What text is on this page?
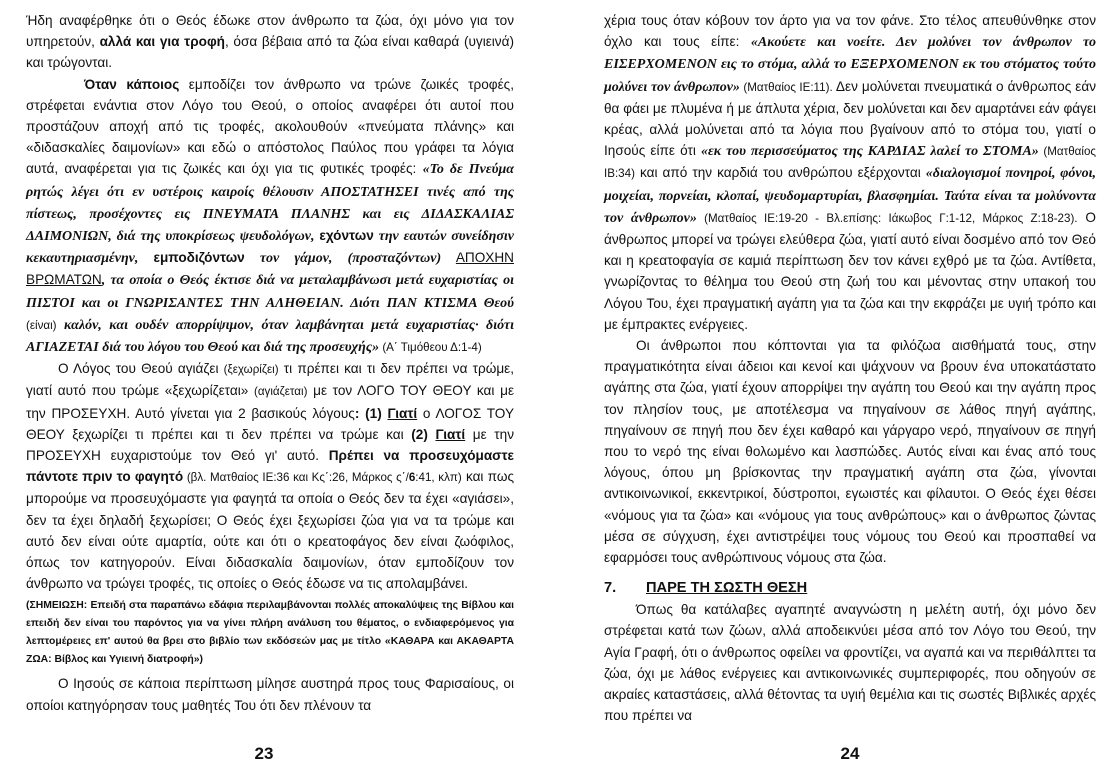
Ήδη αναφέρθηκε ότι ο Θεός έδωκε στον άνθρωπο τα ζώα, όχι μόνο για τον υπηρετούν, αλλά και για τροφή, όσα βέβαια από τα ζώα είναι καθαρά (υγιεινά) και τρώγονται.

Όταν κάποιος εμποδίζει τον άνθρωπο να τρώνε ζωικές τροφές, στρέφεται ενάντια στον Λόγο του Θεού, ο οποίος αναφέρει ότι αυτοί που προστάζουν αποχή από τις τροφές, ακολουθούν «πνεύματα πλάνης» και «διδασκαλίες δαιμονίων» και εδώ ο απόστολος Παύλος που γράφει τα λόγια αυτά, αναφέρεται για τις ζωικές και όχι για τις φυτικές τροφές: «Το δε Πνεύμα ρητώς λέγει ότι εν υστέροις καιροίς θέλουσιν ΑΠΟΣΤΑΤΗΣΕΙ τινές από της πίστεως, προσέχοντες εις ΠΝΕΥΜΑΤΑ ΠΛΑΝΗΣ και εις ΔΙΔΑΣΚΑΛΙΑΣ ΔΑΙΜΟΝΙΩΝ, διά της υποκρίσεως ψευδολόγων, εχόντων την εαυτών συνείδησιν κεκαυτηριασμένην, εμποδιζόντων τον γάμον, (προσταζόντων) ΑΠΟΧΗΝ ΒΡΩΜΑΤΩΝ, τα οποία ο Θεός έκτισε διά να μεταλαμβάνωσι μετά ευχαριστίας οι ΠΙΣΤΟΙ και οι ΓΝΩΡΙΣΑΝΤΕΣ ΤΗΝ ΑΛΗΘΕΙΑΝ. Διότι ΠΑΝ ΚΤΙΣΜΑ Θεού (είναι) καλόν, και ουδέν απορρίψιμον, όταν λαμβάνηται μετά ευχαριστίας· διότι ΑΓΙΑΖΕΤΑΙ διά του λόγου του Θεού και διά της προσευχής» (Α΄ Τιμόθεου Δ:1-4)

Ο Λόγος του Θεού αγιάζει (ξεχωρίζει) τι πρέπει και τι δεν πρέπει να τρώμε, γιατί αυτό που τρώμε «ξεχωρίζεται» (αγιάζεται) με τον ΛΟΓΟ ΤΟΥ ΘΕΟΥ και με την ΠΡΟΣΕΥΧΗ. Αυτό γίνεται για 2 βασικούς λόγους: (1) Γιατί ο ΛΟΓΟΣ ΤΟΥ ΘΕΟΥ ξεχωρίζει τι πρέπει και τι δεν πρέπει να τρώμε και (2) Γιατί με την ΠΡΟΣΕΥΧΗ ευχαριστούμε τον Θεό γι' αυτό. Πρέπει να προσευχόμαστε πάντοτε πριν το φαγητό (βλ. Ματθαίος ΙΕ:36 και Κς΄:26, Μάρκος ς΄/6:41, κλπ) και πως μπορούμε να προσευχόμαστε για φαγητά τα οποία ο Θεός δεν τα έχει «αγιάσει», δεν τα έχει δηλαδή ξεχωρίσει; Ο Θεός έχει ξεχωρίσει ζώα για να τα τρώμε και αυτό δεν είναι ούτε αμαρτία, ούτε και ότι ο κρεατοφάγος δεν είναι ζωόφιλος, όπως τον κατηγορούν. Είναι διδασκαλία δαιμονίων, όταν εμποδίζουν τον άνθρωπο να τρώγει τροφές, τις οποίες ο Θεός έδωσε να τις απολαμβάνει.

(ΣΗΜΕΙΩΣΗ: Επειδή στα παραπάνω εδάφια περιλαμβάνονται πολλές αποκαλύψεις της Βίβλου και επειδή δεν είναι του παρόντος για να γίνει πλήρη ανάλυση του θέματος, ο ενδιαφερόμενος για λεπτομέρειες επ' αυτού θα βρει στο βιβλίο των εκδόσεών μας με τίτλο «ΚΑΘΑΡΑ και ΑΚΑΘΑΡΤΑ ΖΩΑ: Βίβλος και Υγιεινή διατροφή»)

Ο Ιησούς σε κάποια περίπτωση μίλησε αυστηρά προς τους Φαρισαίους, οι οποίοι κατηγόρησαν τους μαθητές Του ότι δεν πλένουν τα

23

χέρια τους όταν κόβουν τον άρτο για να τον φάνε. Στο τέλος απευθύνθηκε στον όχλο και τους είπε: «Ακούετε και νοείτε. Δεν μολύνει τον άνθρωπον το ΕΙΣΕΡΧΟΜΕΝΟΝ εις το στόμα, αλλά το ΕΞΕΡΧΟΜΕΝΟΝ εκ του στόματος τούτο μολύνει τον άνθρωπον» (Ματθαίος ΙΕ:11). Δεν μολύνεται πνευματικά ο άνθρωπος εάν θα φάει με πλυμένα ή με άπλυτα χέρια, δεν μολύνεται και δεν αμαρτάνει εάν φάγει κρέας, αλλά μολύνεται από τα λόγια που βγαίνουν από το στόμα του, γιατί ο Ιησούς είπε ότι «εκ του περισσεύματος της ΚΑΡΔΙΑΣ λαλεί το ΣΤΟΜΑ» (Ματθαίος ΙΒ:34) και από την καρδιά του ανθρώπου εξέρχονται «διαλογισμοί πονηροί, φόνοι, μοιχείαι, πορνείαι, κλοπαί, ψευδομαρτυρίαι, βλασφημίαι. Ταύτα είναι τα μολύνοντα τον άνθρωπον» (Ματθαίος ΙΕ:19-20 - Βλ.επίσης: Ιάκωβος Γ:1-12, Μάρκος Ζ:18-23). Ο άνθρωπος μπορεί να τρώγει ελεύθερα ζώα, γιατί αυτό είναι δοσμένο από τον Θεό και η κρεατοφαγία σε καμιά περίπτωση δεν τον κάνει εχθρό με τα ζώα. Αντίθετα, γνωρίζοντας το θέλημα του Θεού στη ζωή του και μένοντας στην υπακοή του Λόγου Του, έχει πραγματική αγάπη για τα ζώα και την εκφράζει με υγιή τρόπο και με έμπρακτες ενέργειες.

Οι άνθρωποι που κόπτονται για τα φιλόζωα αισθήματά τους, στην πραγματικότητα είναι άδειοι και κενοί και ψάχνουν να βρουν ένα υποκατάστατο αγάπης στα ζώα, γιατί έχουν απορρίψει την αγάπη του Θεού και την αγάπη προς τον πλησίον τους, με αποτέλεσμα να πηγαίνουν σε λάθος πηγή αγάπης, πηγαίνουν σε πηγή που δεν έχει καθαρό και γάργαρο νερό, πηγαίνουν σε πηγή που το νερό της είναι θολωμένο και λασπώδες. Αυτός είναι και ένας από τους λόγους, όπου μη βρίσκοντας την πραγματική αγάπη στα ζώα, γίνονται αντικοινωνικοί, εκκεντρικοί, δύστροποι, εγωιστές και φίλαυτοι. Ο Θεός έχει θέσει «νόμους για τα ζώα» και «νόμους για τους ανθρώπους» και ο άνθρωπος ζώντας μέσα σε σύγχυση, έχει αντιστρέψει τους νόμους του Θεού και προσπαθεί να εφαρμόσει τους ανθρώπινους νόμους στα ζώα.

7. ΠΑΡΕ ΤΗ ΣΩΣΤΗ ΘΕΣΗ

Όπως θα κατάλαβες αγαπητέ αναγνώστη η μελέτη αυτή, όχι μόνο δεν στρέφεται κατά των ζώων, αλλά αποδεικνύει μέσα από τον Λόγο του Θεού, την Αγία Γραφή, ότι ο άνθρωπος οφείλει να φροντίζει, να αγαπά και να περιθάλπτει τα ζώα, όχι με λάθος ενέργειες και αντικοινωνικές συμπεριφορές, που οδηγούν σε ακραίες καταστάσεις, αλλά θέτοντας τα υγιή θεμέλια και τις σωστές Βιβλικές αρχές που πρέπει να

24
